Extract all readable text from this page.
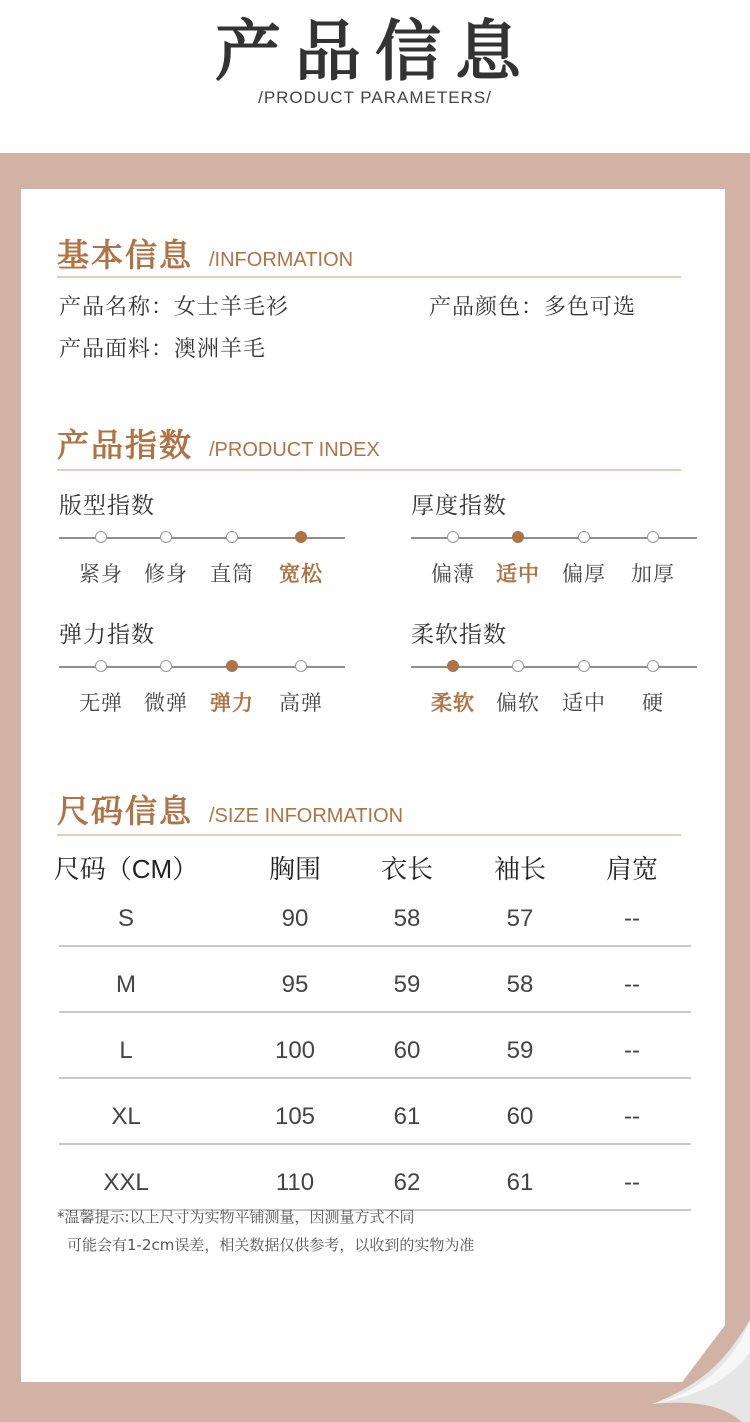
产品信息
/PRODUCT PARAMETERS/
基本信息 /INFORMATION
产品名称：女士羊毛衫	产品颜色：多色可选
产品面料：澳洲羊毛
产品指数 /PRODUCT INDEX
版型指数
紧身	修身	直筒	宽松
厚度指数
偏薄	适中	偏厚	加厚
弹力指数
无弹	微弹	弹力	高弹
柔软指数
柔软	偏软	适中	硬
尺码信息 /SIZE INFORMATION
尺码（CM）	胸围	衣长	袖长	肩宽
S	90	58	57	--
M	95	59	58	--
L	100	60	59	--
XL	105	61	60	--
XXL	110	62	61	--
*温馨提示:以上尺寸为实物平铺测量，因测量方式不同
可能会有1-2cm误差，相关数据仅供参考，以收到的实物为准
